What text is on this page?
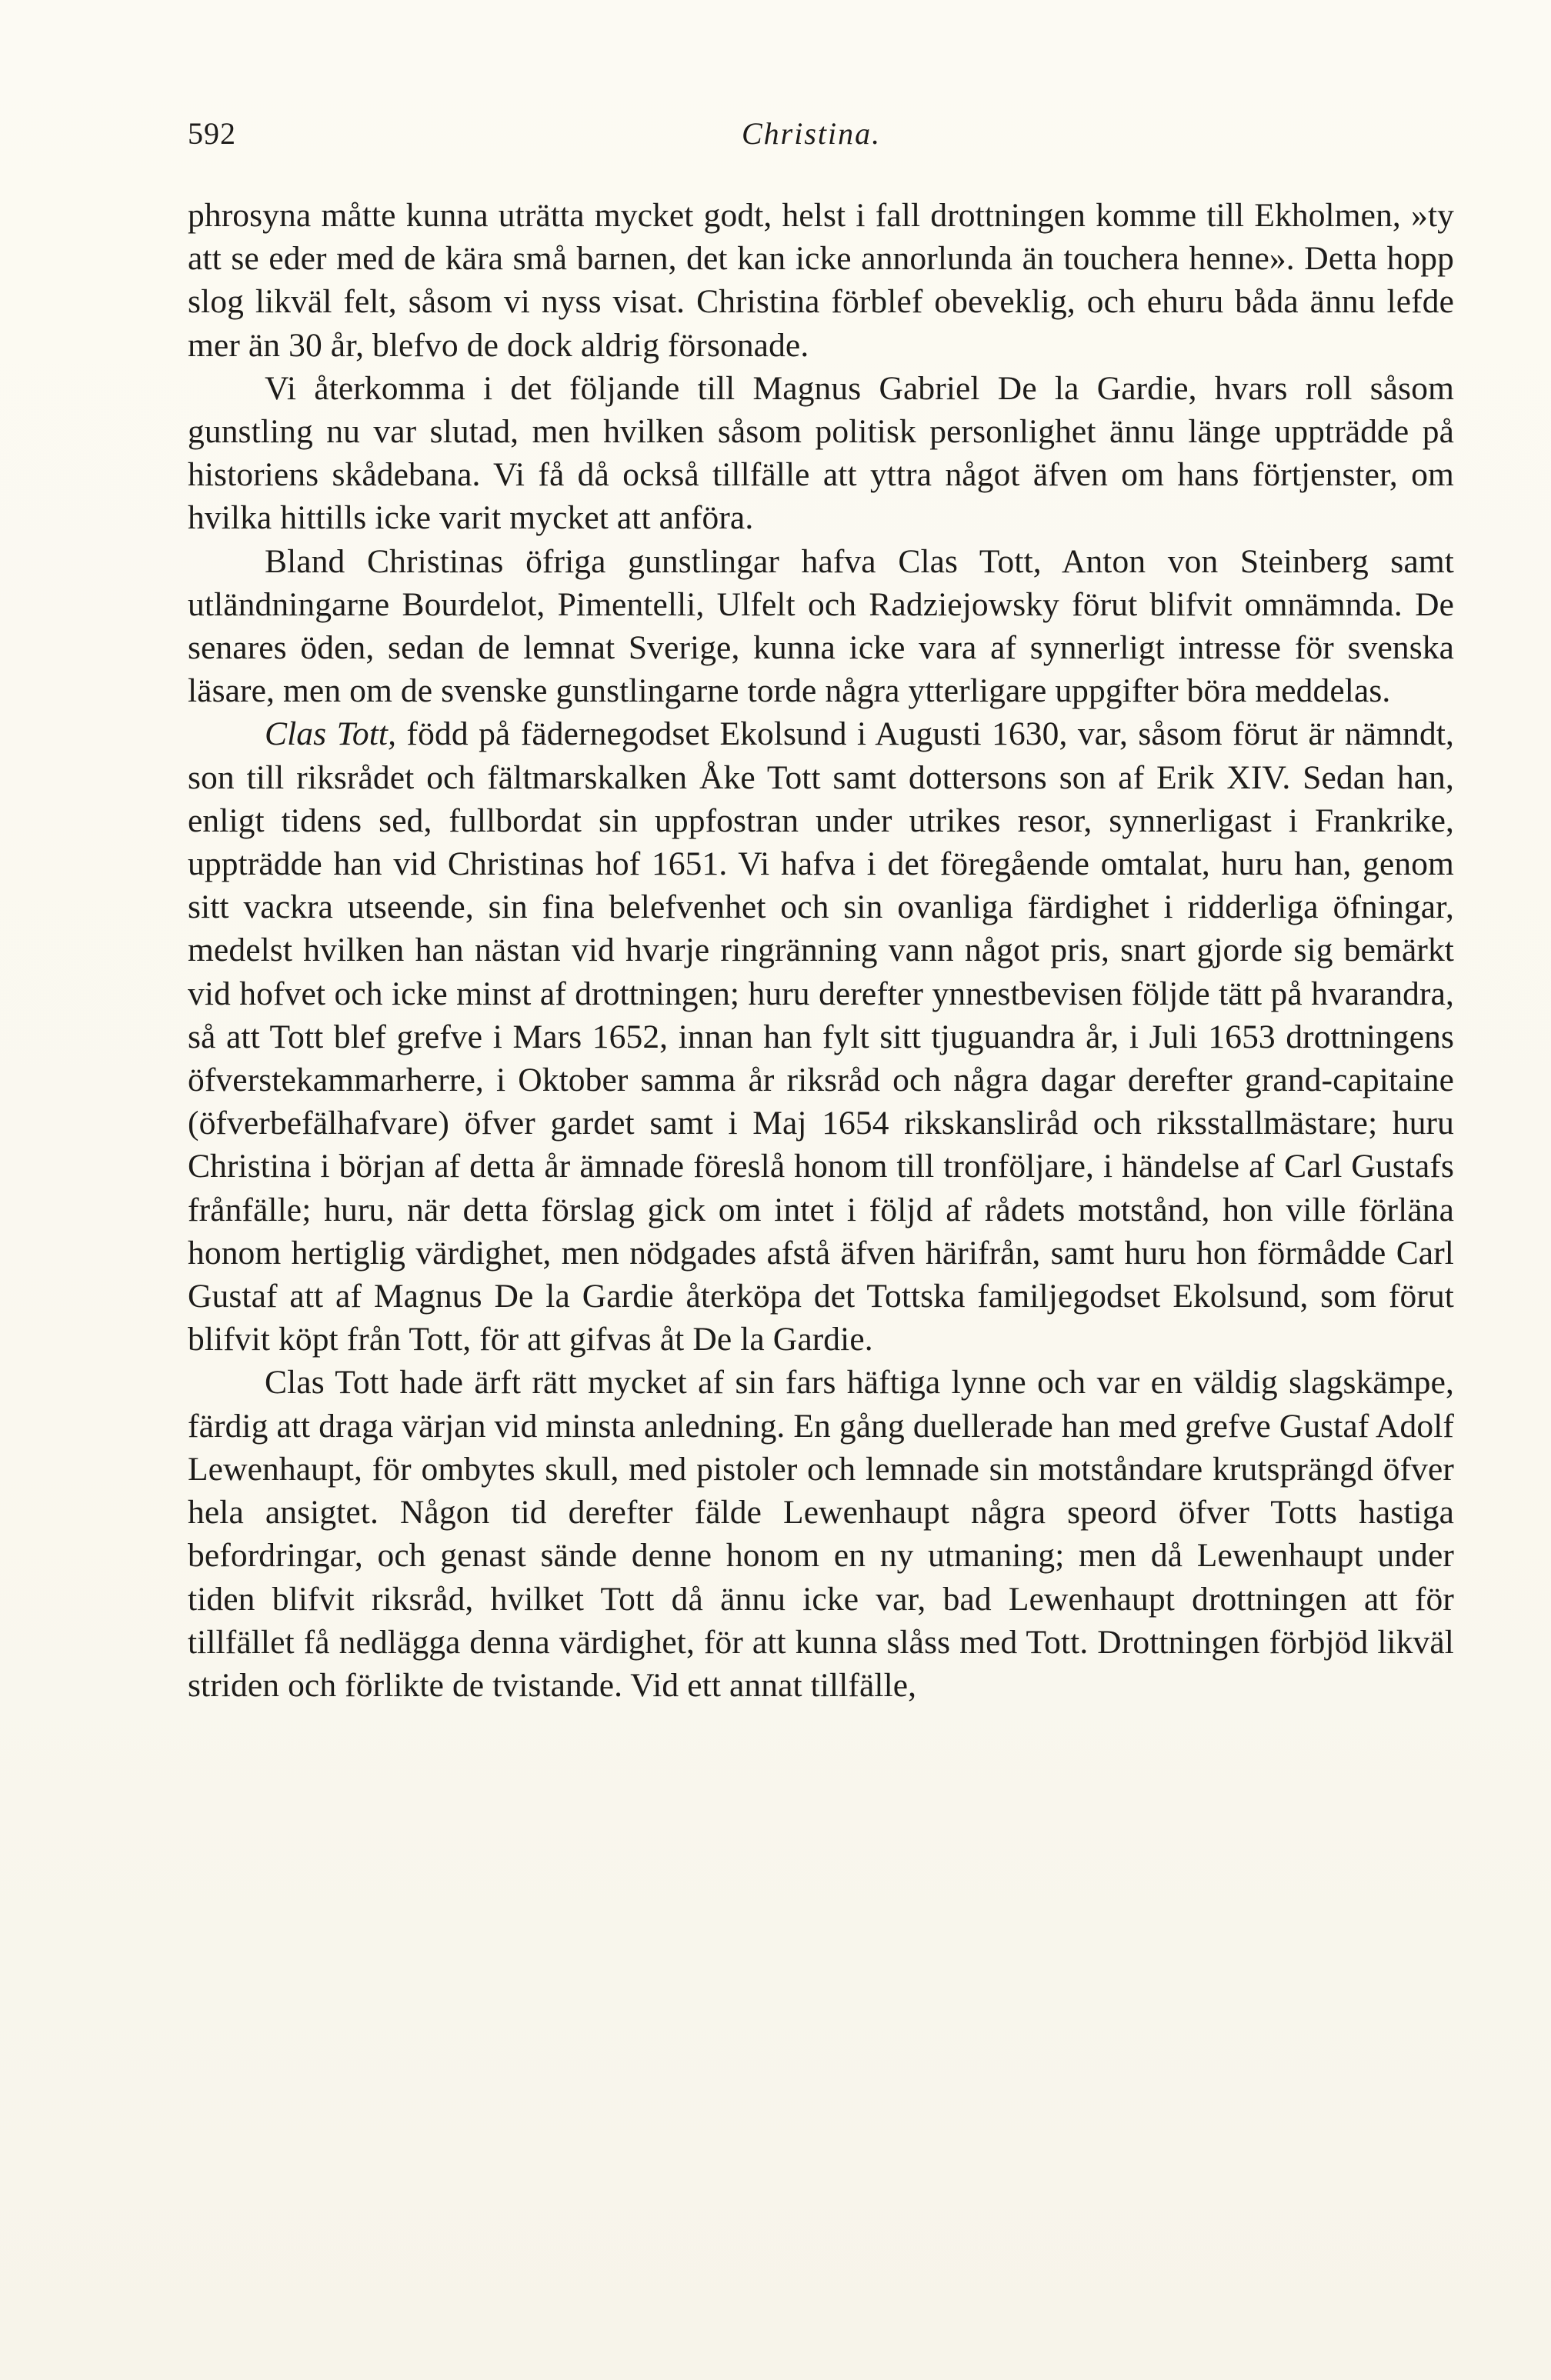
592	Christina.

phrosyna måtte kunna uträtta mycket godt, helst i fall drottningen komme till Ekholmen, »ty att se eder med de kära små barnen, det kan icke annorlunda än touchera henne». Detta hopp slog likväl felt, såsom vi nyss visat. Christina förblef obeveklig, och ehuru båda ännu lefde mer än 30 år, blefvo de dock aldrig försonade.

Vi återkomma i det följande till Magnus Gabriel De la Gardie, hvars roll såsom gunstling nu var slutad, men hvilken såsom politisk personlighet ännu länge uppträdde på historiens skådebana. Vi få då också tillfälle att yttra något äfven om hans förtjenster, om hvilka hittills icke varit mycket att anföra.

Bland Christinas öfriga gunstlingar hafva Clas Tott, Anton von Steinberg samt utländningarne Bourdelot, Pimentelli, Ulfelt och Radziejowsky förut blifvit omnämnda. De senares öden, sedan de lemnat Sverige, kunna icke vara af synnerligt intresse för svenska läsare, men om de svenske gunstlingarne torde några ytterligare uppgifter böra meddelas.

Clas Tott, född på fädernegodset Ekolsund i Augusti 1630, var, såsom förut är nämndt, son till riksrådet och fältmarskalken Åke Tott samt dottersons son af Erik XIV. Sedan han, enligt tidens sed, fullbordat sin uppfostran under utrikes resor, synnerligast i Frankrike, uppträdde han vid Christinas hof 1651. Vi hafva i det föregående omtalat, huru han, genom sitt vackra utseende, sin fina belefvenhet och sin ovanliga färdighet i ridderliga öfningar, medelst hvilken han nästan vid hvarje ringränning vann något pris, snart gjorde sig bemärkt vid hofvet och icke minst af drottningen; huru derefter ynnestbevisen följde tätt på hvarandra, så att Tott blef grefve i Mars 1652, innan han fylt sitt tjuguandra år, i Juli 1653 drottningens öfverstekammarherre, i Oktober samma år riksråd och några dagar derefter grand-capitaine (öfverbefälhafvare) öfver gardet samt i Maj 1654 rikskansliråd och riksstallmästare; huru Christina i början af detta år ämnade föreslå honom till tronföljare, i händelse af Carl Gustafs frånfälle; huru, när detta förslag gick om intet i följd af rådets motstånd, hon ville förläna honom hertiglig värdighet, men nödgades afstå äfven härifrån, samt huru hon förmådde Carl Gustaf att af Magnus De la Gardie återköpa det Tottska familjegodset Ekolsund, som förut blifvit köpt från Tott, för att gifvas åt De la Gardie.

Clas Tott hade ärft rätt mycket af sin fars häftiga lynne och var en väldig slagskämpe, färdig att draga värjan vid minsta anledning. En gång duellerade han med grefve Gustaf Adolf Lewenhaupt, för ombytes skull, med pistoler och lemnade sin motståndare krutsprängd öfver hela ansigtet. Någon tid derefter fälde Lewenhaupt några speord öfver Totts hastiga befordringar, och genast sände denne honom en ny utmaning; men då Lewenhaupt under tiden blifvit riksråd, hvilket Tott då ännu icke var, bad Lewenhaupt drottningen att för tillfället få nedlägga denna värdighet, för att kunna slåss med Tott. Drottningen förbjöd likväl striden och förlikte de tvistande. Vid ett annat tillfälle,
